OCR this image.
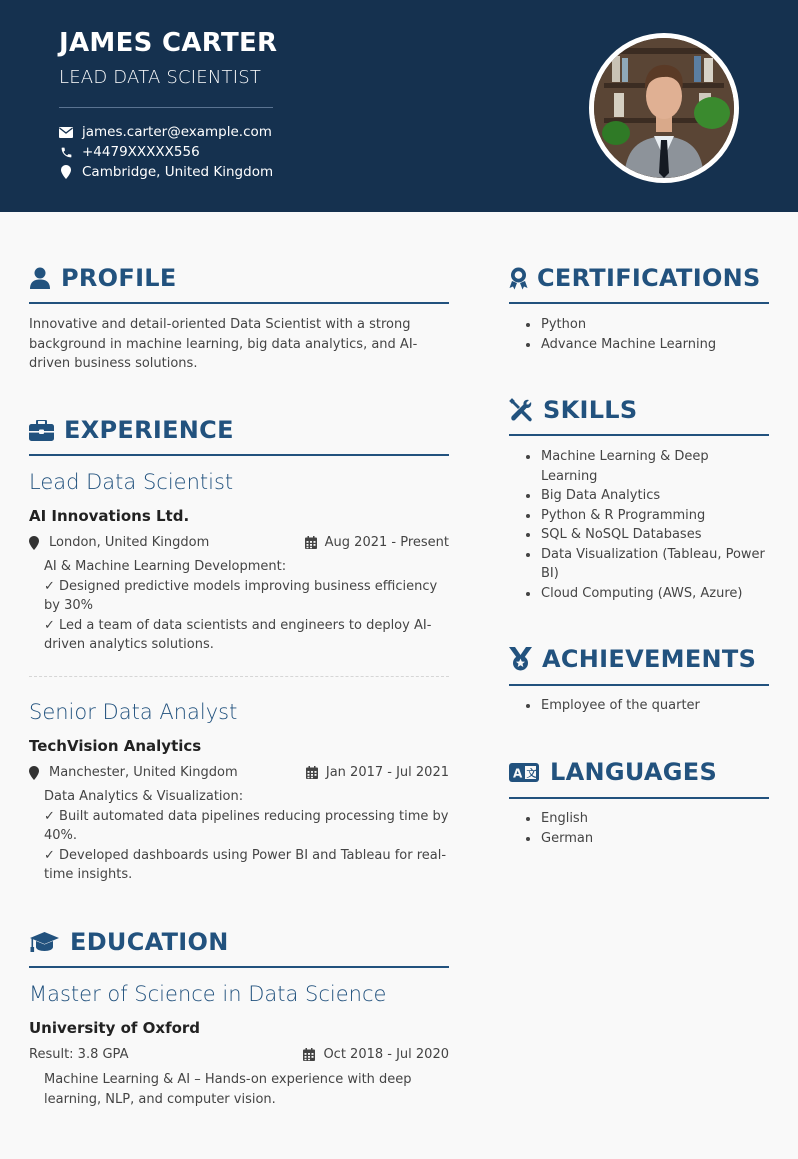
JAMES CARTER
LEAD DATA SCIENTIST
james.carter@example.com
+4479XXXXX556
Cambridge, United Kingdom
PROFILE
Innovative and detail-oriented Data Scientist with a strong background in machine learning, big data analytics, and AI-driven business solutions.
EXPERIENCE
Lead Data Scientist
AI Innovations Ltd.
London, United Kingdom	Aug 2021 - Present
AI & Machine Learning Development:
✓ Designed predictive models improving business efficiency by 30%
✓ Led a team of data scientists and engineers to deploy AI-driven analytics solutions.
Senior Data Analyst
TechVision Analytics
Manchester, United Kingdom	Jan 2017 - Jul 2021
Data Analytics & Visualization:
✓ Built automated data pipelines reducing processing time by 40%.
✓ Developed dashboards using Power BI and Tableau for real-time insights.
EDUCATION
Master of Science in Data Science
University of Oxford
Result: 3.8 GPA	Oct 2018 - Jul 2020
Machine Learning & AI – Hands-on experience with deep learning, NLP, and computer vision.
CERTIFICATIONS
Python
Advance Machine Learning
SKILLS
Machine Learning & Deep Learning
Big Data Analytics
Python & R Programming
SQL & NoSQL Databases
Data Visualization (Tableau, Power BI)
Cloud Computing (AWS, Azure)
ACHIEVEMENTS
Employee of the quarter
A 文 LANGUAGES
English
German
